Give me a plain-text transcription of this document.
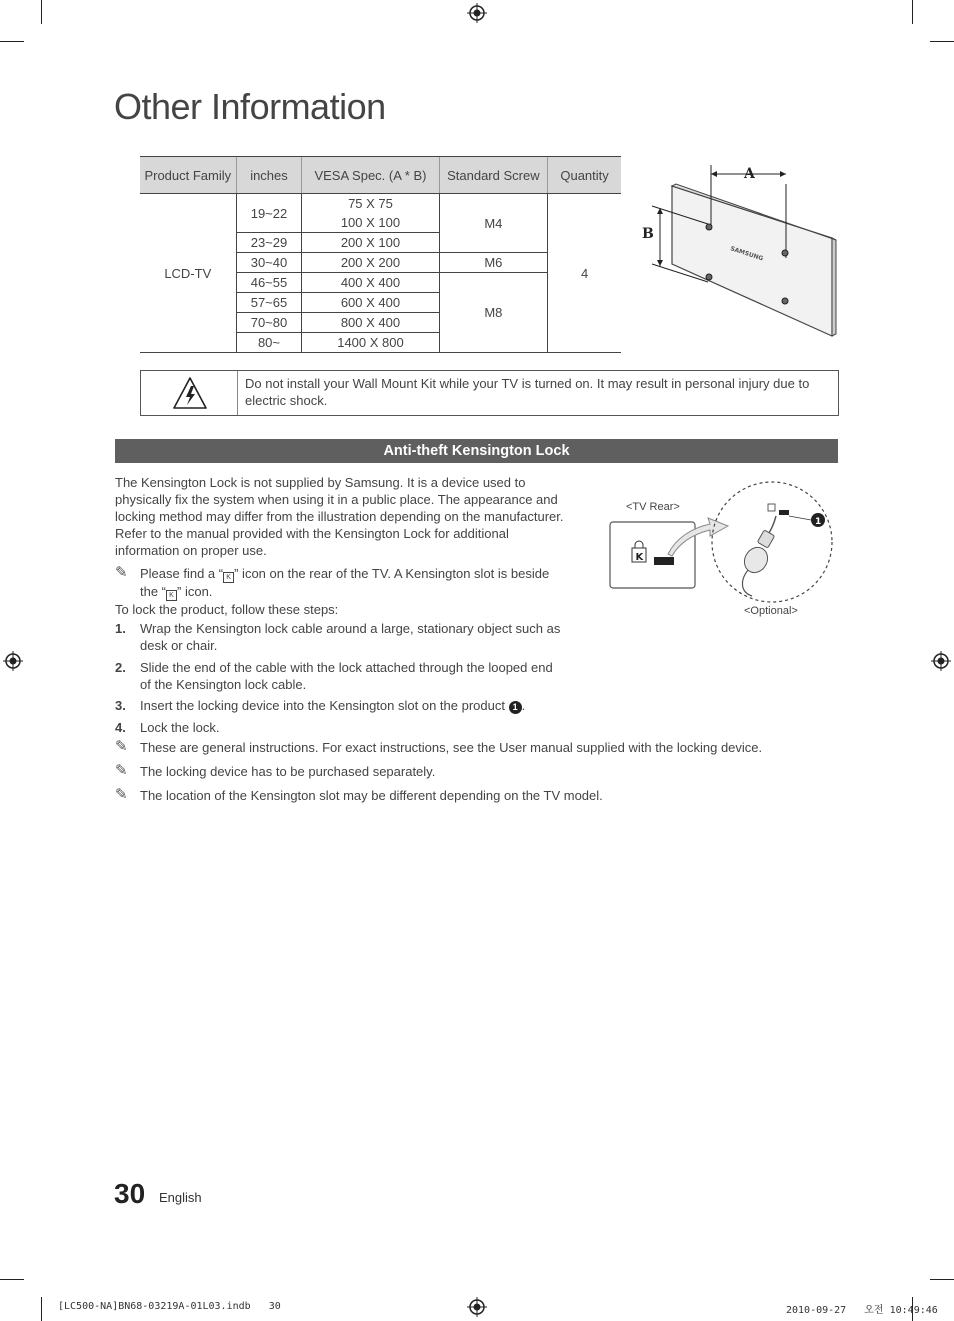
Other Information
Product Family	inches	VESA Spec. (A * B)	Standard Screw	Quantity
LCD-TV	19~22	75 X 75	M4	4
		100 X 100		
	23~29	200 X 100		
	30~40	200 X 200	M6	
	46~55	400 X 400	M8	
	57~65	600 X 400		
	70~80	800 X 400		
	80~	1400 X 800		
A
B
SAMSUNG
Do not install your Wall Mount Kit while your TV is turned on. It may result in personal injury due to electric shock.
Anti-theft Kensington Lock
The Kensington Lock is not supplied by Samsung. It is a device used to physically fix the system when using it in a public place. The appearance and locking method may differ from the illustration depending on the manufacturer. Refer to the manual provided with the Kensington Lock for additional information on proper use.
✎ Please find a “ K ” icon on the rear of the TV. A Kensington slot is beside the “ K ” icon.
To lock the product, follow these steps:
1.	Wrap the Kensington lock cable around a large, stationary object such as desk or chair.
2.	Slide the end of the cable with the lock attached through the looped end of the Kensington lock cable.
3.	Insert the locking device into the Kensington slot on the product 1 .
4.	Lock the lock.
✎ These are general instructions. For exact instructions, see the User manual supplied with the locking device.
✎ The locking device has to be purchased separately.
✎ The location of the Kensington slot may be different depending on the TV model.
<TV Rear>
<Optional>
K
1
30 English
[LC500-NA]BN68-03219A-01L03.indb   30	2010-09-27   오전 10:49:46
